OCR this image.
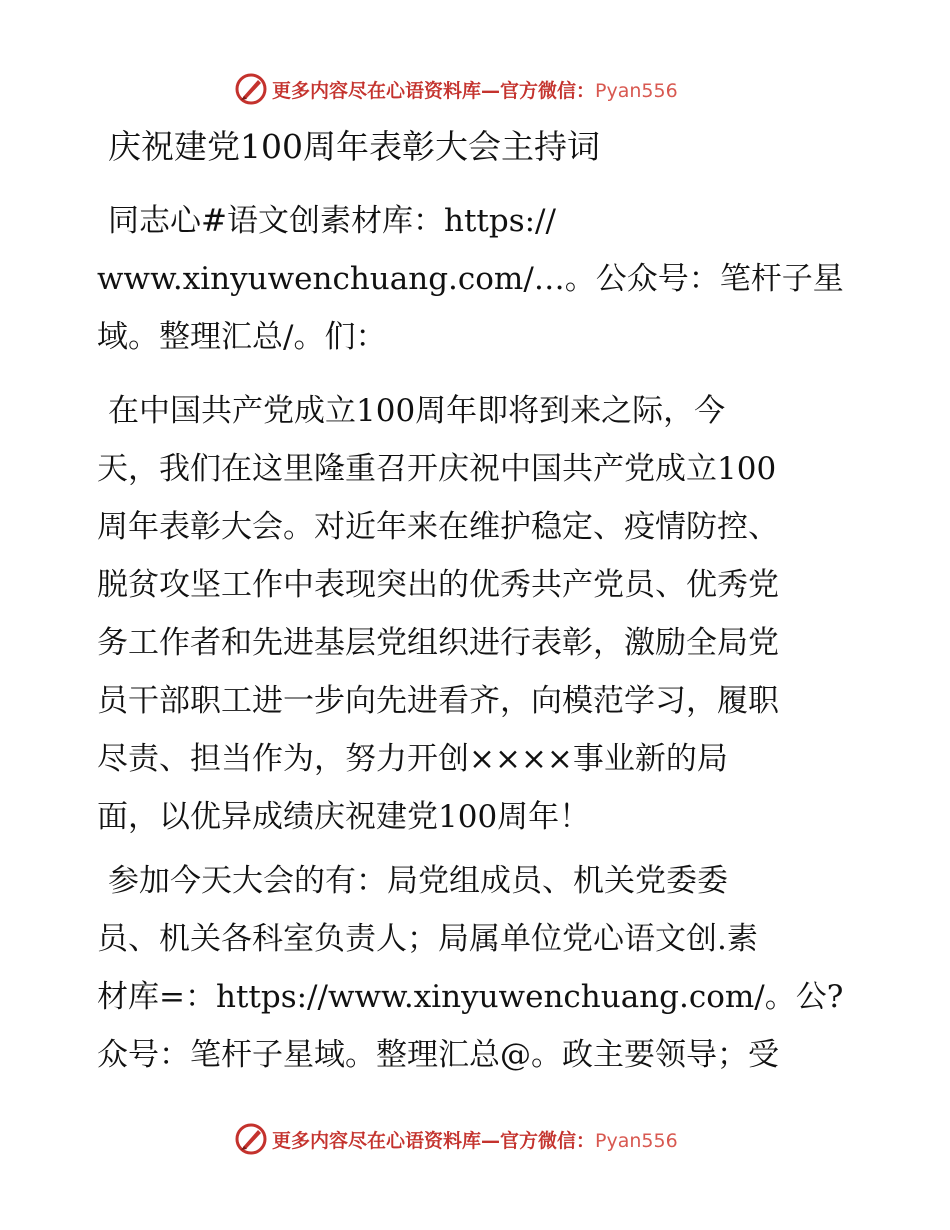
更多内容尽在心语资料库—官方微信：Pyan556
庆祝建党100周年表彰大会主持词
同志心#语文创素材库：https://
www.xinyuwenchuang.com/…。公众号：笔杆子星
域。整理汇总/。们：
在中国共产党成立100周年即将到来之际，今
天，我们在这里隆重召开庆祝中国共产党成立100
周年表彰大会。对近年来在维护稳定、疫情防控、
脱贫攻坚工作中表现突出的优秀共产党员、优秀党
务工作者和先进基层党组织进行表彰，激励全局党
员干部职工进一步向先进看齐，向模范学习，履职
尽责、担当作为，努力开创××××事业新的局
面，以优异成绩庆祝建党100周年！
参加今天大会的有：局党组成员、机关党委委
员、机关各科室负责人；局属单位党心语文创.素
材库=：https://www.xinyuwenchuang.com/。公?
众号：笔杆子星域。整理汇总@。政主要领导；受
更多内容尽在心语资料库—官方微信：Pyan556
